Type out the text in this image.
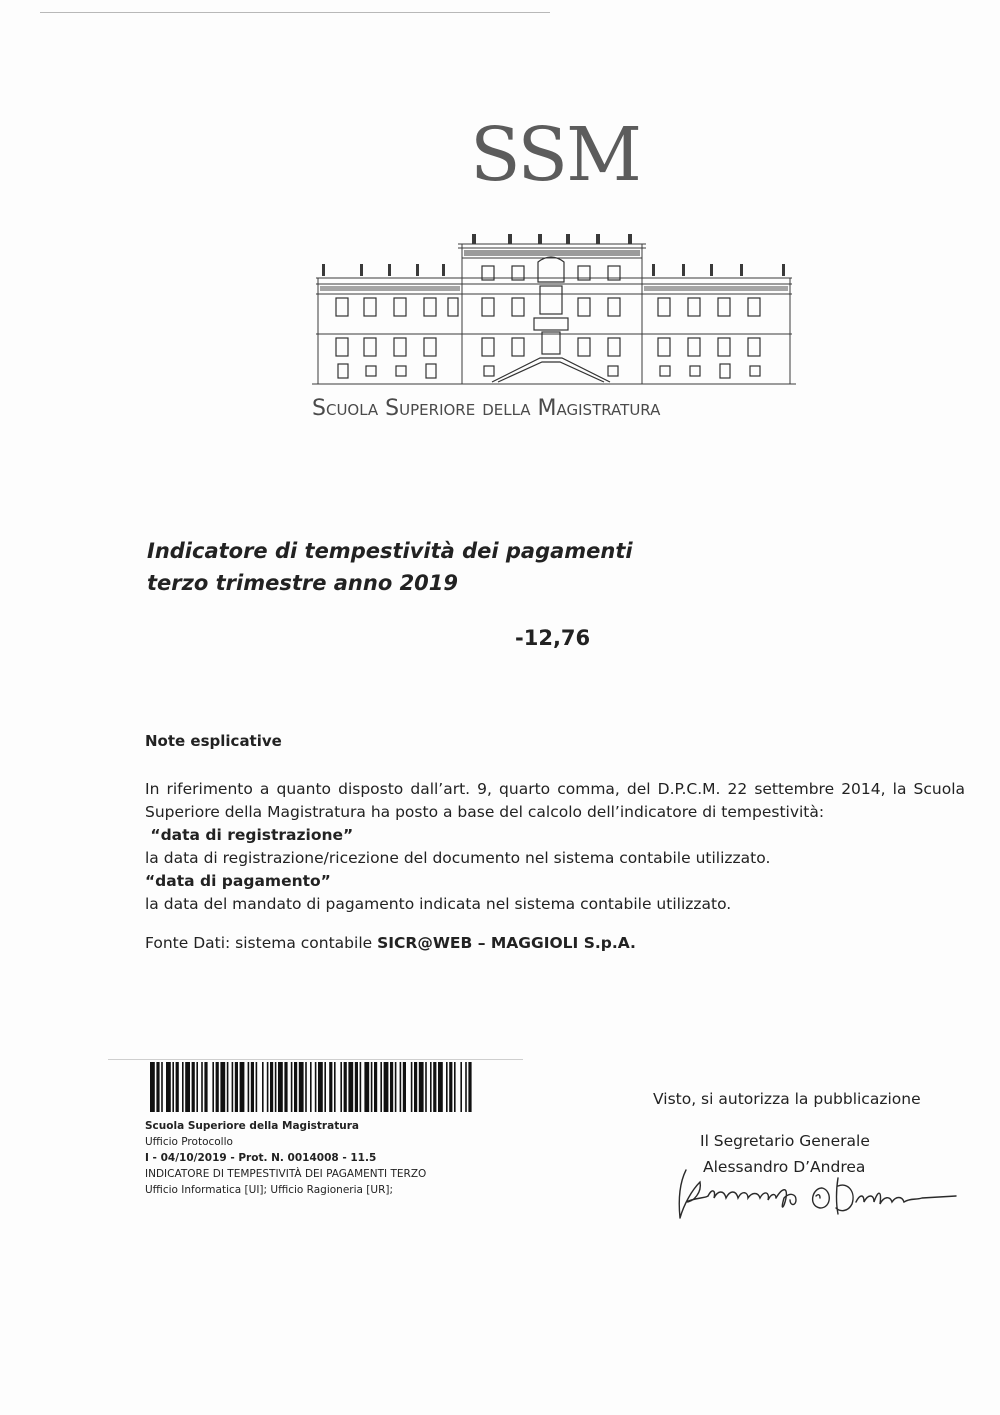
SSM
Scuola Superiore della Magistratura
Indicatore di tempestività dei pagamenti
terzo trimestre anno 2019
-12,76
Note esplicative
In riferimento a quanto disposto dall’art. 9, quarto comma, del D.P.C.M. 22 settembre 2014, la Scuola
Superiore della Magistratura ha posto a base del calcolo dell’indicatore di tempestività:
“data di registrazione”
la data di registrazione/ricezione del documento nel sistema contabile utilizzato.
“data di pagamento”
la data del mandato di pagamento indicata nel sistema contabile utilizzato.
Fonte Dati: sistema contabile SICR@WEB – MAGGIOLI S.p.A.
Scuola Superiore della Magistratura
Ufficio Protocollo
I - 04/10/2019 - Prot. N. 0014008 - 11.5
INDICATORE DI TEMPESTIVITÀ DEI PAGAMENTI TERZO
Ufficio Informatica [UI]; Ufficio Ragioneria [UR];
Visto, si autorizza la pubblicazione
Il Segretario Generale
Alessandro D’Andrea
